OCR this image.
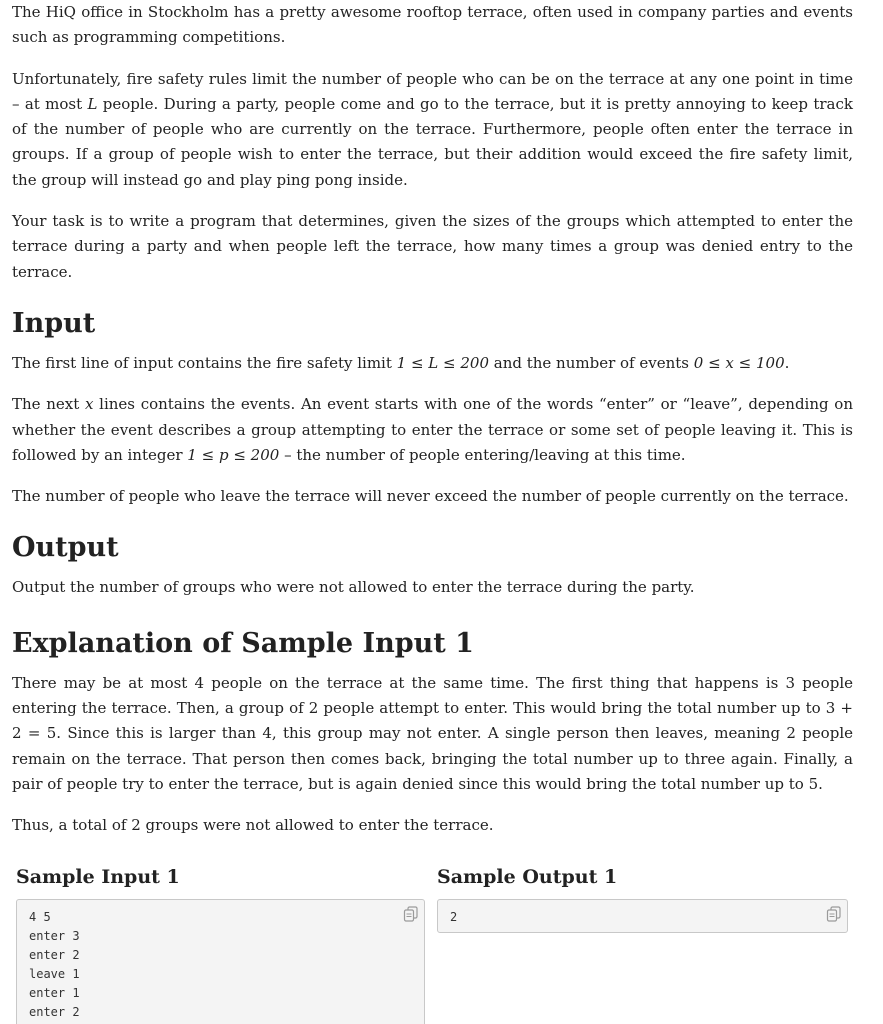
The HiQ office in Stockholm has a pretty awesome rooftop terrace, often used in company parties and events such as programming competitions.

Unfortunately, fire safety rules limit the number of people who can be on the terrace at any one point in time – at most L people. During a party, people come and go to the terrace, but it is pretty annoying to keep track of the number of people who are currently on the terrace. Furthermore, people often enter the terrace in groups. If a group of people wish to enter the terrace, but their addition would exceed the fire safety limit, the group will instead go and play ping pong inside.

Your task is to write a program that determines, given the sizes of the groups which attempted to enter the terrace during a party and when people left the terrace, how many times a group was denied entry to the terrace.

Input

The first line of input contains the fire safety limit 1 ≤ L ≤ 200 and the number of events 0 ≤ x ≤ 100.

The next x lines contains the events. An event starts with one of the words “enter” or “leave”, depending on whether the event describes a group attempting to enter the terrace or some set of people leaving it. This is followed by an integer 1 ≤ p ≤ 200 – the number of people entering/leaving at this time.

The number of people who leave the terrace will never exceed the number of people currently on the terrace.

Output

Output the number of groups who were not allowed to enter the terrace during the party.

Explanation of Sample Input 1

There may be at most 4 people on the terrace at the same time. The first thing that happens is 3 people entering the terrace. Then, a group of 2 people attempt to enter. This would bring the total number up to 3 + 2 = 5. Since this is larger than 4, this group may not enter. A single person then leaves, meaning 2 people remain on the terrace. That person then comes back, bringing the total number up to three again. Finally, a pair of people try to enter the terrace, but is again denied since this would bring the total number up to 5.

Thus, a total of 2 groups were not allowed to enter the terrace.

Sample Input 1
4 5
enter 3
enter 2
leave 1
enter 1
enter 2
Sample Output 1
2
